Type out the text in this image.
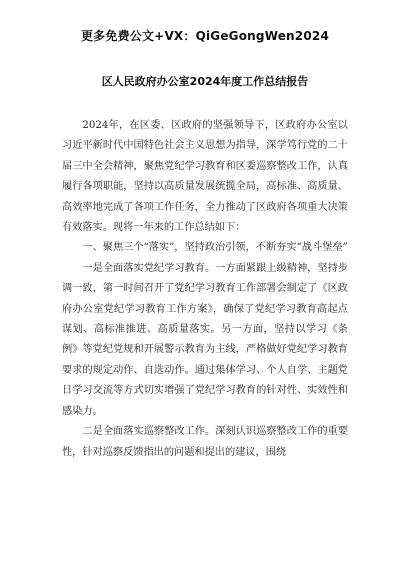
更多免费公文+VX：QiGeGongWen2024
区人民政府办公室2024年度工作总结报告

2024年，在区委、区政府的坚强领导下，区政府办公室以习近平新时代中国特色社会主义思想为指导，深学笃行党的二十届三中全会精神，聚焦党纪学习教育和区委巡察整改工作，认真履行各项职能，坚持以高质量发展统揽全局，高标准、高质量、高效率地完成了各项工作任务，全力推动了区政府各项重大决策有效落实。现将一年来的工作总结如下：

一、聚焦三个“落实”，坚持政治引领，不断夯实“战斗堡垒”

一是全面落实党纪学习教育。一方面紧跟上级精神，坚持步调一致，第一时间召开了党纪学习教育工作部署会制定了《区政府办公室党纪学习教育工作方案》，确保了党纪学习教育高起点谋划、高标准推进、高质量落实。另一方面，坚持以学习《条例》等党纪党规和开展警示教育为主线，严格做好党纪学习教育要求的规定动作、自选动作。通过集体学习、个人自学、主题党日学习交流等方式切实增强了党纪学习教育的针对性、实效性和感染力。

二是全面落实巡察整改工作。深刻认识巡察整改工作的重要性，针对巡察反馈指出的问题和提出的建议，围绕
